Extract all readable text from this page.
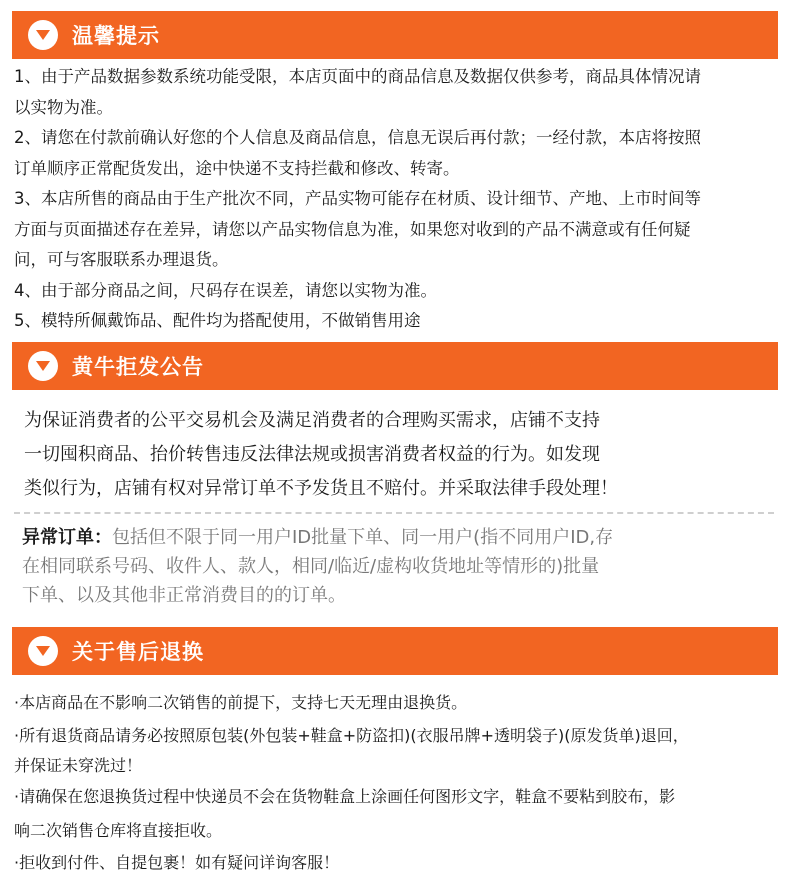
温馨提示
1、由于产品数据参数系统功能受限，本店页面中的商品信息及数据仅供参考，商品具体情况请
以实物为准。
2、请您在付款前确认好您的个人信息及商品信息，信息无误后再付款；一经付款，本店将按照
订单顺序正常配货发出，途中快递不支持拦截和修改、转寄。
3、本店所售的商品由于生产批次不同，产品实物可能存在材质、设计细节、产地、上市时间等
方面与页面描述存在差异，请您以产品实物信息为准，如果您对收到的产品不满意或有任何疑
问，可与客服联系办理退货。
4、由于部分商品之间，尺码存在误差，请您以实物为准。
5、模特所佩戴饰品、配件均为搭配使用，不做销售用途
黄牛拒发公告
为保证消费者的公平交易机会及满足消费者的合理购买需求，店铺不支持
一切囤积商品、抬价转售违反法律法规或损害消费者权益的行为。如发现
类似行为，店铺有权对异常订单不予发货且不赔付。并采取法律手段处理！
异常订单：包括但不限于同一用户ID批量下单、同一用户(指不同用户ID,存
在相同联系号码、收件人、款人，相同/临近/虚构收货地址等情形的)批量
下单、以及其他非正常消费目的的订单。
关于售后退换
·本店商品在不影响二次销售的前提下，支持七天无理由退换货。
·所有退货商品请务必按照原包装(外包装+鞋盒+防盗扣)(衣服吊牌+透明袋子)(原发货单)退回，
并保证未穿洗过！
·请确保在您退换货过程中快递员不会在货物鞋盒上涂画任何图形文字，鞋盒不要粘到胶布，影
响二次销售仓库将直接拒收。
·拒收到付件、自提包裹！如有疑问详询客服！
